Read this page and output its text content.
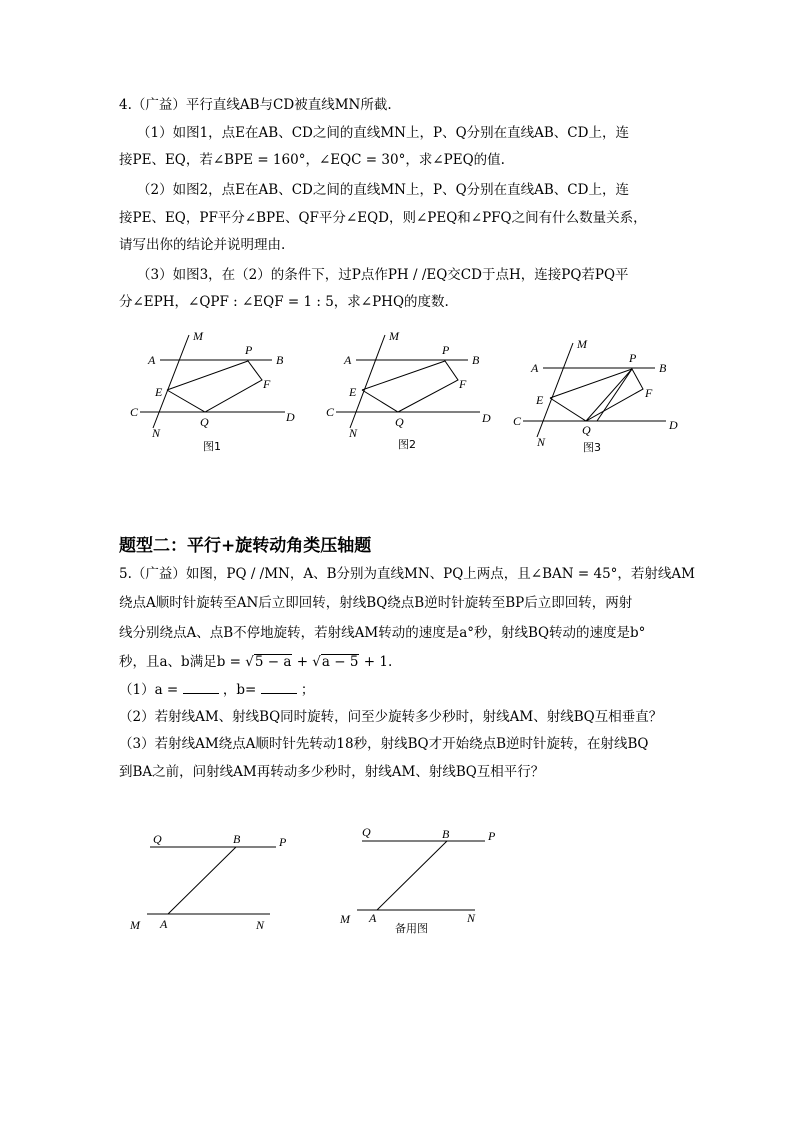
4.（广益）平行直线AB与CD被直线MN所截.
（1）如图1，点E在AB、CD之间的直线MN上，P、Q分别在直线AB、CD上，连
接PE、EQ，若∠BPE = 160°，∠EQC = 30°，求∠PEQ的值.
（2）如图2，点E在AB、CD之间的直线MN上，P、Q分别在直线AB、CD上，连
接PE、EQ，PF平分∠BPE、QF平分∠EQD，则∠PEQ和∠PFQ之间有什么数量关系，
请写出你的结论并说明理由.
（3）如图3，在（2）的条件下，过P点作PH / /EQ交CD于点H，连接PQ若PQ平
分∠EPH，∠QPF : ∠EQF = 1 : 5，求∠PHQ的度数.
A	B
C	D
M
N
E
P
F
Q
图1
A	B
C	D
M
N
E
P
F
Q
图2
A	B
C	D
M
N
E
P
F
Q
图3
Q	B	P
M A	N
Q	B	P
M A	N
备用图
题型二：平行+旋转动角类压轴题
5.（广益）如图，PQ / /MN，A、B分别为直线MN、PQ上两点，且∠BAN = 45°，若射线AM
绕点A顺时针旋转至AN后立即回转，射线BQ绕点B逆时针旋转至BP后立即回转，两射
线分别绕点A、点B不停地旋转，若射线AM转动的速度是a°秒，射线BQ转动的速度是b°
秒，且a、b满足b = √5 − a + √a − 5 + 1.
（1）a =	，b=	；
（2）若射线AM、射线BQ同时旋转，问至少旋转多少秒时，射线AM、射线BQ互相垂直？
（3）若射线AM绕点A顺时针先转动18秒，射线BQ才开始绕点B逆时针旋转，在射线BQ
到BA之前，问射线AM再转动多少秒时，射线AM、射线BQ互相平行？
